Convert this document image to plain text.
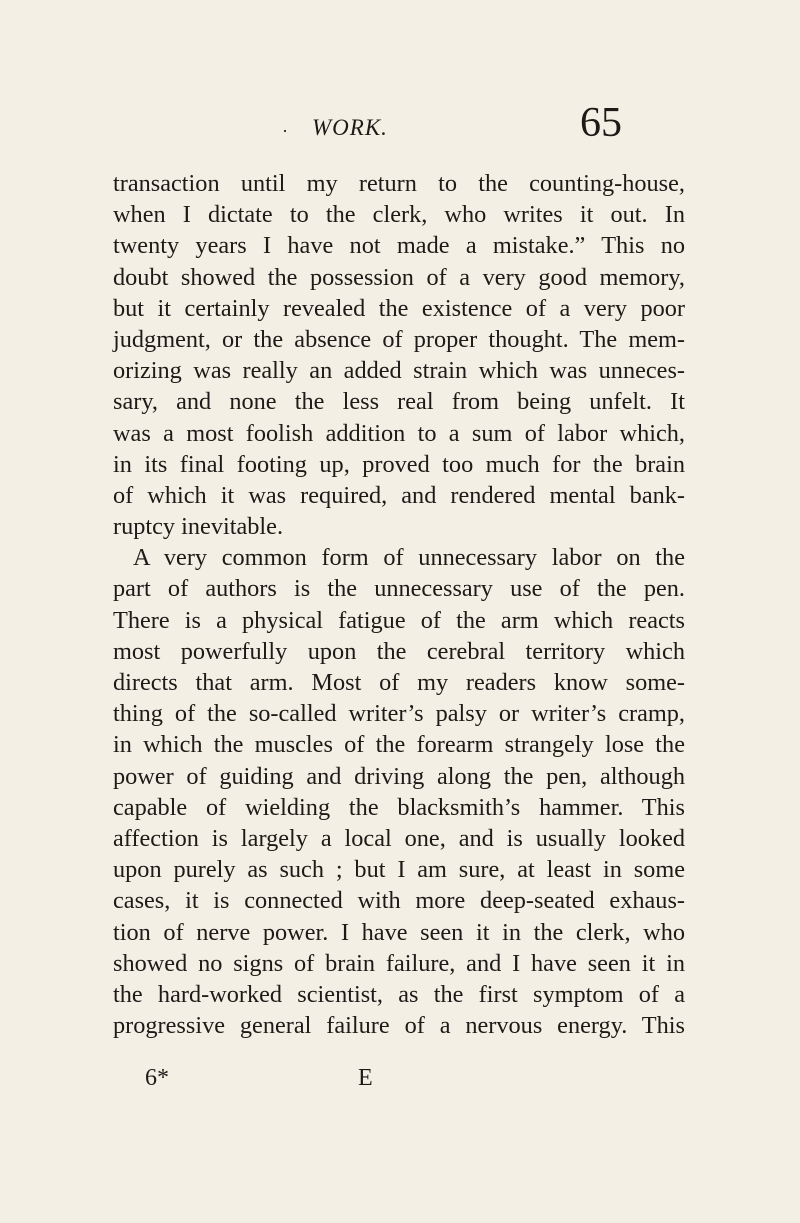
· WORK.	65
transaction until my return to the counting-house,
when I dictate to the clerk, who writes it out. In
twenty years I have not made a mistake.” This no
doubt showed the possession of a very good memory,
but it certainly revealed the existence of a very poor
judgment, or the absence of proper thought. The mem-
orizing was really an added strain which was unneces-
sary, and none the less real from being unfelt. It
was a most foolish addition to a sum of labor which,
in its final footing up, proved too much for the brain
of which it was required, and rendered mental bank-
ruptcy inevitable.
A very common form of unnecessary labor on the
part of authors is the unnecessary use of the pen.
There is a physical fatigue of the arm which reacts
most powerfully upon the cerebral territory which
directs that arm. Most of my readers know some-
thing of the so-called writer’s palsy or writer’s cramp,
in which the muscles of the forearm strangely lose the
power of guiding and driving along the pen, although
capable of wielding the blacksmith’s hammer. This
affection is largely a local one, and is usually looked
upon purely as such ; but I am sure, at least in some
cases, it is connected with more deep-seated exhaus-
tion of nerve power. I have seen it in the clerk, who
showed no signs of brain failure, and I have seen it in
the hard-worked scientist, as the first symptom of a
progressive general failure of a nervous energy. This
6*	E
